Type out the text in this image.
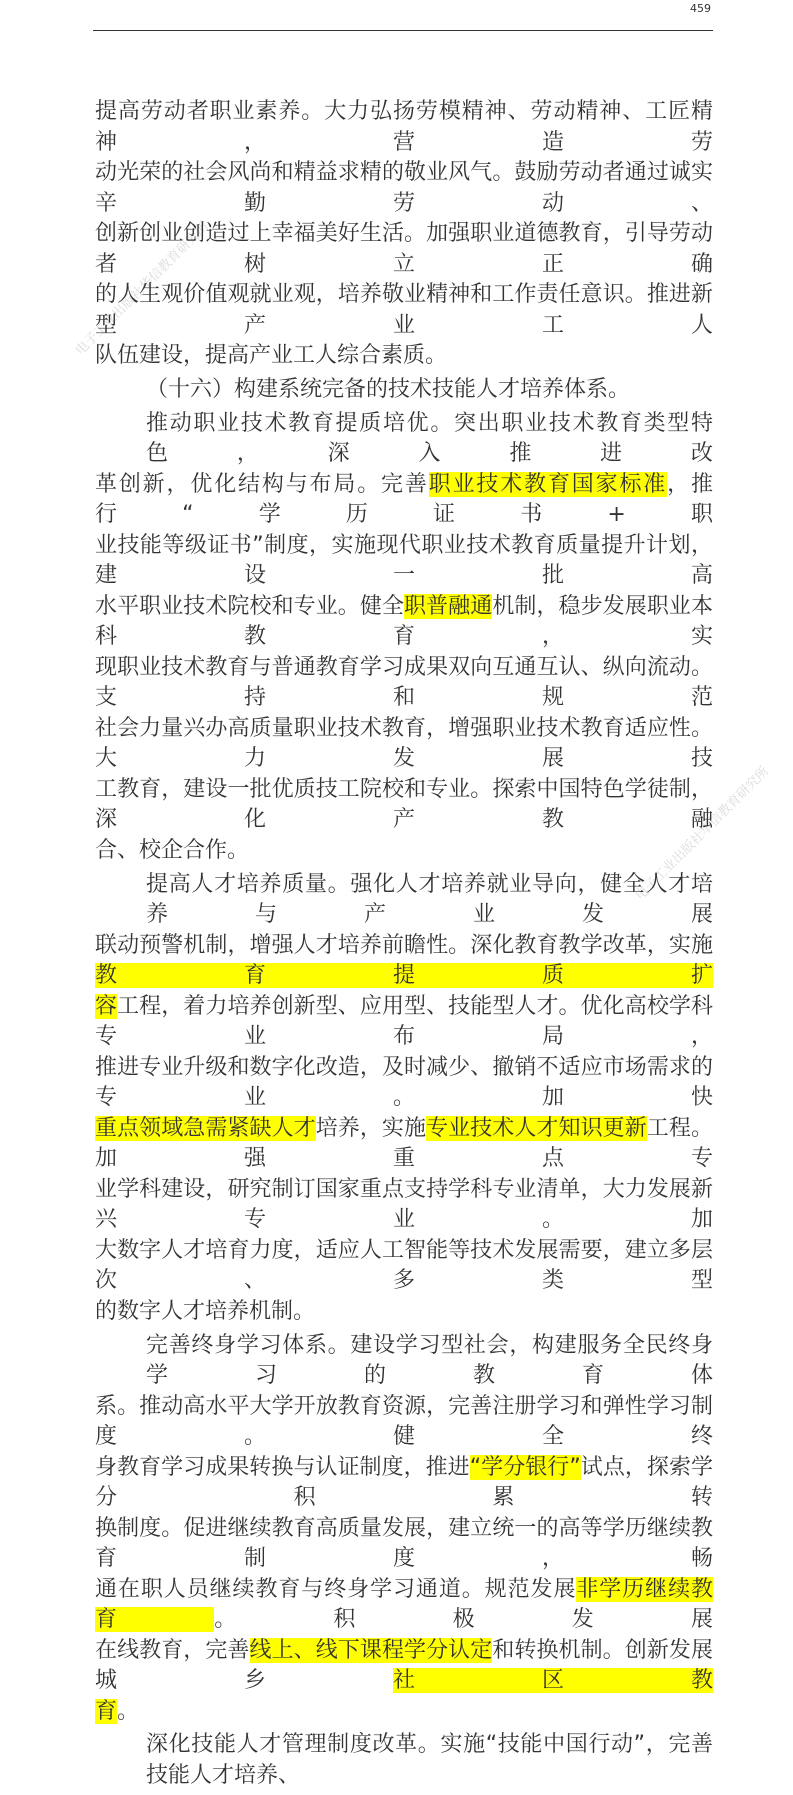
459
电子工业出版社华信教育研究所
电子工业出版社华信教育研究所
提高劳动者职业素养。大力弘扬劳模精神、劳动精神、工匠精神，营造劳
动光荣的社会风尚和精益求精的敬业风气。鼓励劳动者通过诚实辛勤劳动、
创新创业创造过上幸福美好生活。加强职业道德教育，引导劳动者树立正确
的人生观价值观就业观，培养敬业精神和工作责任意识。推进新型产业工人
队伍建设，提高产业工人综合素质。
（十六）构建系统完备的技术技能人才培养体系。
推动职业技术教育提质培优。突出职业技术教育类型特色，深入推进改
革创新，优化结构与布局。完善职业技术教育国家标准，推行“学历证书+职
业技能等级证书”制度，实施现代职业技术教育质量提升计划，建设一批高
水平职业技术院校和专业。健全职普融通机制，稳步发展职业本科教育，实
现职业技术教育与普通教育学习成果双向互通互认、纵向流动。支持和规范
社会力量兴办高质量职业技术教育，增强职业技术教育适应性。大力发展技
工教育，建设一批优质技工院校和专业。探索中国特色学徒制，深化产教融
合、校企合作。
提高人才培养质量。强化人才培养就业导向，健全人才培养与产业发展
联动预警机制，增强人才培养前瞻性。深化教育教学改革，实施教育提质扩
容工程，着力培养创新型、应用型、技能型人才。优化高校学科专业布局，
推进专业升级和数字化改造，及时减少、撤销不适应市场需求的专业。加快
重点领域急需紧缺人才培养，实施专业技术人才知识更新工程。加强重点专
业学科建设，研究制订国家重点支持学科专业清单，大力发展新兴专业。加
大数字人才培育力度，适应人工智能等技术发展需要，建立多层次、多类型
的数字人才培养机制。
完善终身学习体系。建设学习型社会，构建服务全民终身学习的教育体
系。推动高水平大学开放教育资源，完善注册学习和弹性学习制度。健全终
身教育学习成果转换与认证制度，推进“学分银行”试点，探索学分积累转
换制度。促进继续教育高质量发展，建立统一的高等学历继续教育制度，畅
通在职人员继续教育与终身学习通道。规范发展非学历继续教育。积极发展
在线教育，完善线上、线下课程学分认定和转换机制。创新发展城乡社区教
育。
深化技能人才管理制度改革。实施“技能中国行动”，完善技能人才培养、
